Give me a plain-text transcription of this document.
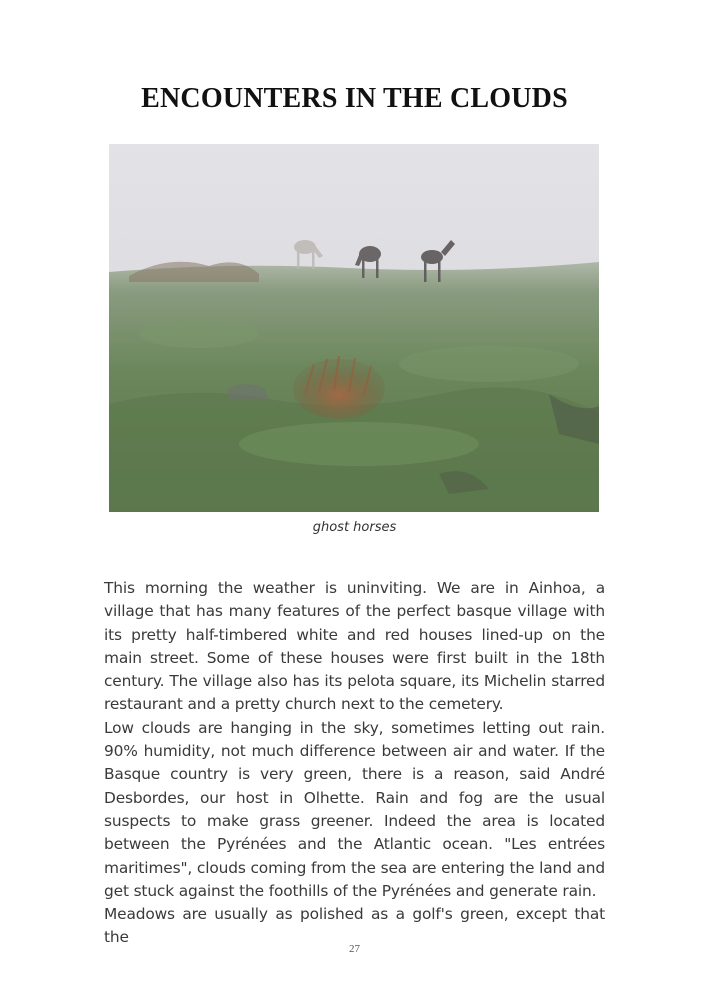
ENCOUNTERS IN THE CLOUDS
ghost horses

This morning the weather is uninviting. We are in Ainhoa, a village that has many features of the perfect basque village with its pretty half-timbered white and red houses lined-up on the main street. Some of these houses were first built in the 18th century. The village also has its pelota square, its Michelin starred restaurant and a pretty church next to the cemetery.

Low clouds are hanging in the sky, sometimes letting out rain. 90% humidity, not much difference between air and water. If the Basque country is very green, there is a reason, said André Desbordes, our host in Olhette. Rain and fog are the usual suspects to make grass greener. Indeed the area is located between the Pyrénées and the Atlantic ocean. "Les entrées maritimes", clouds coming from the sea are entering the land and get stuck against the foothills of the Pyrénées and generate rain.

Meadows are usually as polished as a golf's green, except that the

27
